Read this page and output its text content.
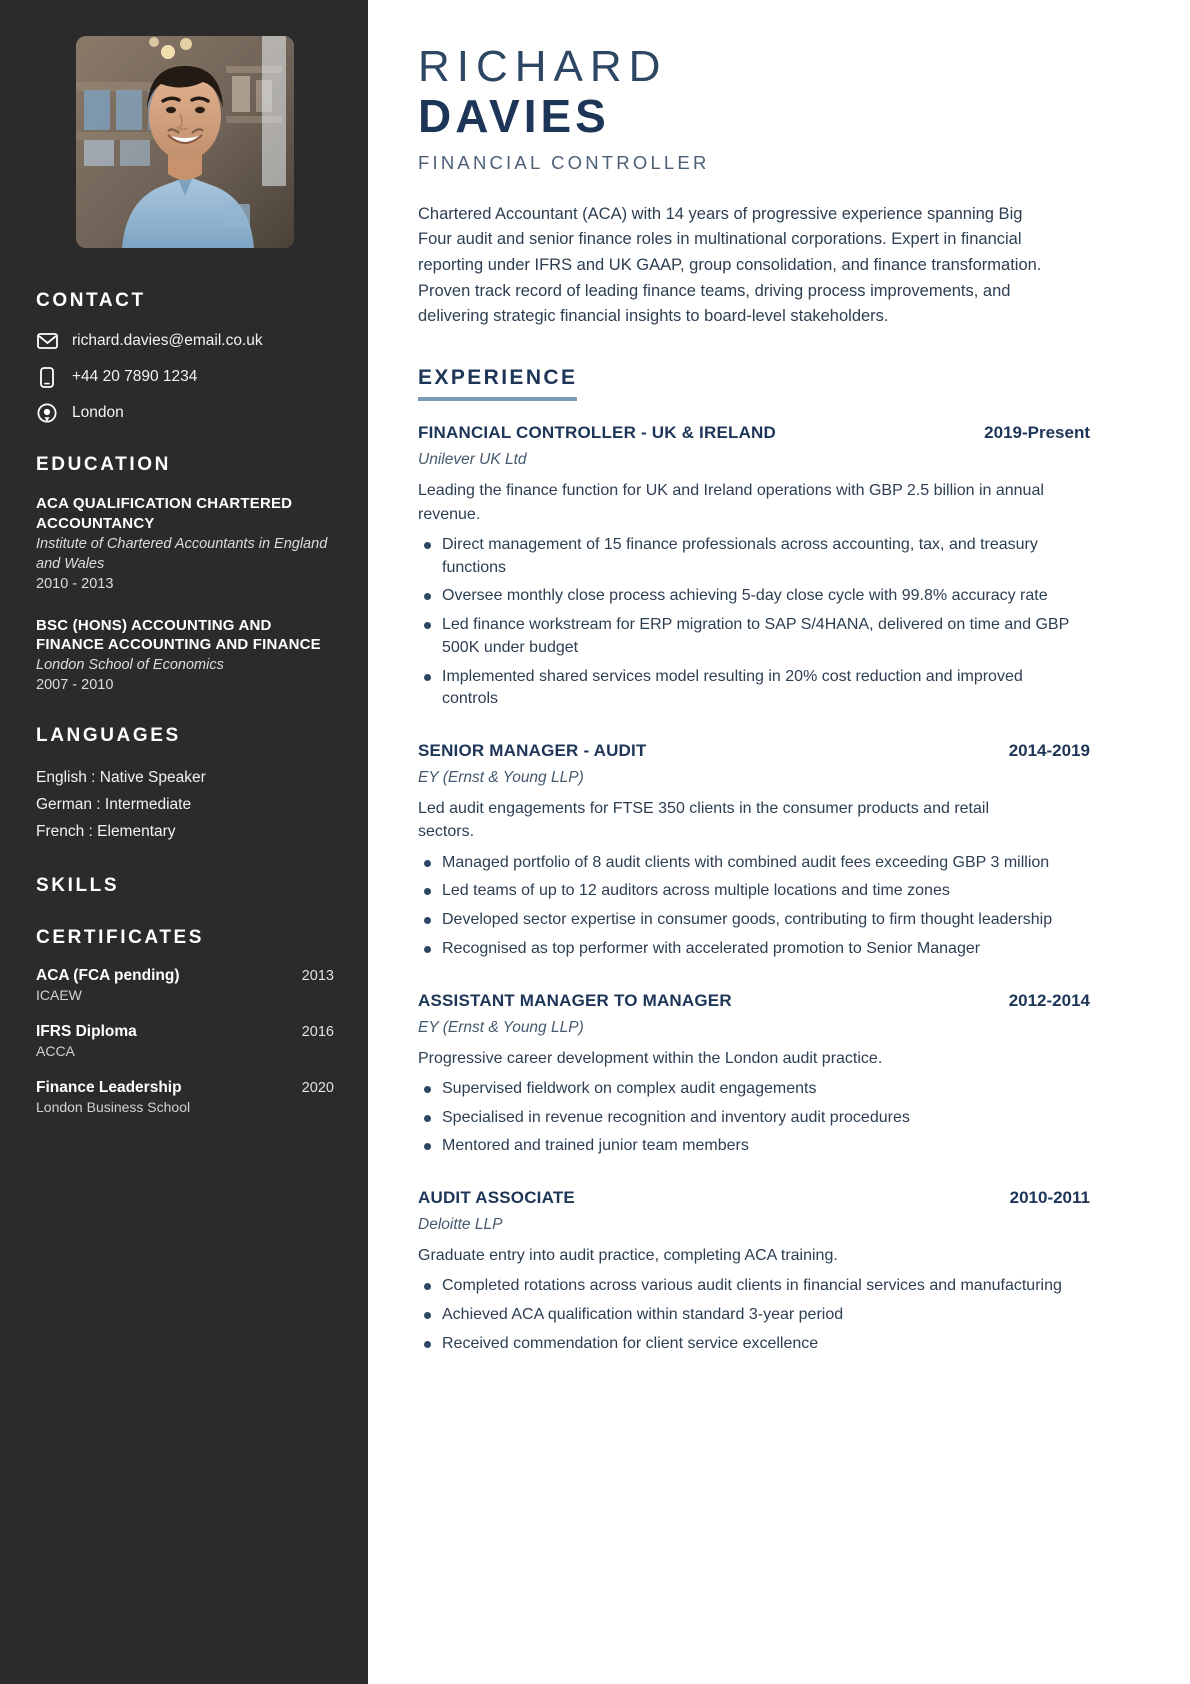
CONTACT
richard.davies@email.co.uk
+44 20 7890 1234
London
EDUCATION
ACA QUALIFICATION CHARTERED ACCOUNTANCY
Institute of Chartered Accountants in England and Wales
2010 - 2013
BSC (HONS) ACCOUNTING AND FINANCE ACCOUNTING AND FINANCE
London School of Economics
2007 - 2010
LANGUAGES
English : Native Speaker
German : Intermediate
French : Elementary
SKILLS
CERTIFICATES
ACA (FCA pending)	2013
ICAEW
IFRS Diploma	2016
ACCA
Finance Leadership	2020
London Business School
RICHARD
DAVIES
FINANCIAL CONTROLLER

Chartered Accountant (ACA) with 14 years of progressive experience spanning Big Four audit and senior finance roles in multinational corporations. Expert in financial reporting under IFRS and UK GAAP, group consolidation, and finance transformation. Proven track record of leading finance teams, driving process improvements, and delivering strategic financial insights to board-level stakeholders.

EXPERIENCE
FINANCIAL CONTROLLER - UK & IRELAND	2019-Present
Unilever UK Ltd

Leading the finance function for UK and Ireland operations with GBP 2.5 billion in annual revenue.

Direct management of 15 finance professionals across accounting, tax, and treasury functions
Oversee monthly close process achieving 5-day close cycle with 99.8% accuracy rate
Led finance workstream for ERP migration to SAP S/4HANA, delivered on time and GBP 500K under budget
Implemented shared services model resulting in 20% cost reduction and improved controls
SENIOR MANAGER - AUDIT	2014-2019
EY (Ernst & Young LLP)

Led audit engagements for FTSE 350 clients in the consumer products and retail sectors.

Managed portfolio of 8 audit clients with combined audit fees exceeding GBP 3 million
Led teams of up to 12 auditors across multiple locations and time zones
Developed sector expertise in consumer goods, contributing to firm thought leadership
Recognised as top performer with accelerated promotion to Senior Manager
ASSISTANT MANAGER TO MANAGER	2012-2014
EY (Ernst & Young LLP)

Progressive career development within the London audit practice.

Supervised fieldwork on complex audit engagements
Specialised in revenue recognition and inventory audit procedures
Mentored and trained junior team members
AUDIT ASSOCIATE	2010-2011
Deloitte LLP

Graduate entry into audit practice, completing ACA training.

Completed rotations across various audit clients in financial services and manufacturing
Achieved ACA qualification within standard 3-year period
Received commendation for client service excellence
